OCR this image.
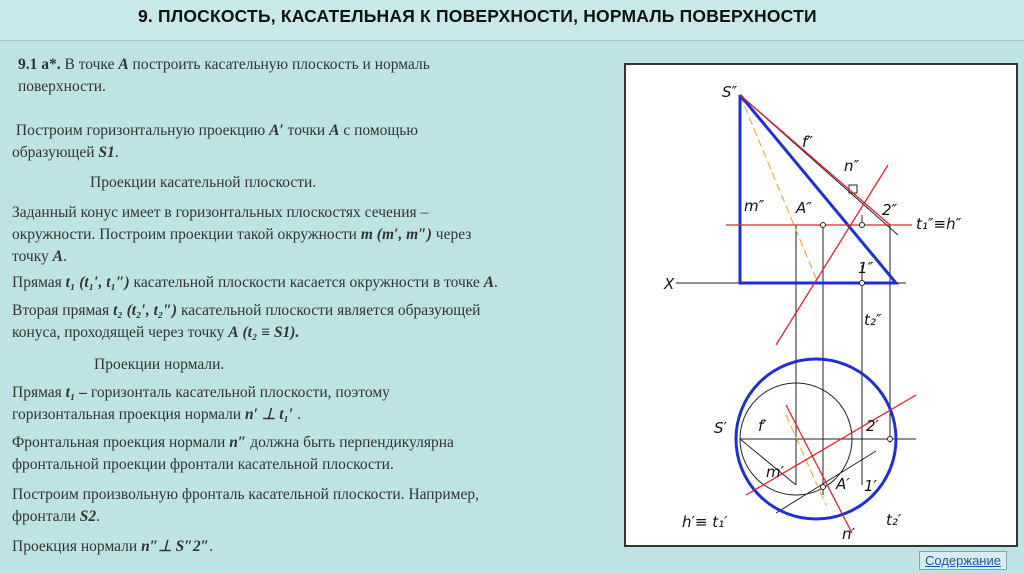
9. ПЛОСКОСТЬ, КАСАТЕЛЬНАЯ К ПОВЕРХНОСТИ, НОРМАЛЬ ПОВЕРХНОСТИ
9.1 а*. В точке А построить касательную плоскость и нормаль
поверхности.
Построим горизонтальную проекцию А′ точки А с помощью
образующей S1.
Проекции касательной плоскости.
Заданный конус имеет в горизонтальных плоскостях сечения –
окружности. Построим проекции такой окружности m (m′, m″) через
точку А.
Прямая t₁ (t₁′, t₁″) касательной плоскости касается окружности в точке А.
Вторая прямая t₂ (t₂′, t₂″) касательной плоскости является образующей
конуса, проходящей через точку А (t₂ ≡ S1).
Проекции нормали.
Прямая t₁ – горизонталь касательной плоскости, поэтому
горизонтальная проекция нормали n′ ⊥ t₁′ .
Фронтальная проекция нормали n″ должна быть перпендикулярна
фронтальной проекции фронтали касательной плоскости.
Построим произвольную фронталь касательной плоскости. Например,
фронтали S2.
Проекция нормали n″⊥ S″2″.
S″
f″
n″
m″ A″	2″
t₁″≡h″
X
1″
t₂″
S′ f′	2′
m′
A′ 1′
h′≡ t₁′	t₂′
n′
Содержание
